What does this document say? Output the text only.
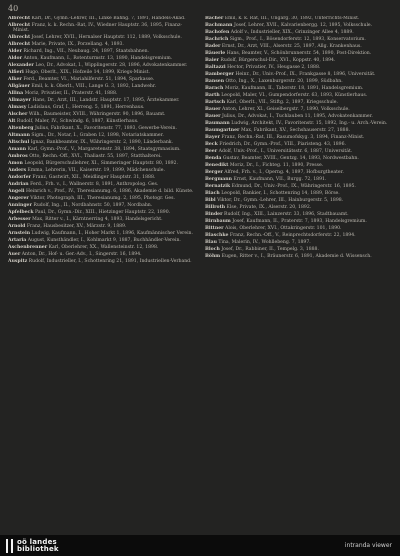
40
Albrecht Karl, Dr., Gymn.-Lehrer, III., Linke Bahng. 7, 1891, Handels-Akad.
Albrecht Franz, k. k. Rechn.-Rat, IV., Wiedner Hauptstr. 36, 1895, Finanz-Minist.
Albrecht Josef, Lehrer, XVII., Hernalser Hauptstr. 112, 1889, Volksschule.
Albrecht Marie, Private, IX., Porzellang. 4, 1893.
Alder Richard, Ing., VII., Neubaug. 24, 1897, Staatsbahnen.
Aldor Anton, Kaufmann, I., Rotenturmstr. 13, 1890, Handelsgremium.
Alexander Leo, Dr., Advokat, I., Wipplingerstr. 28, 1896, Advokatenkammer.
Alfieri Hugo, Oberlt., XIX., Hofzeile 14, 1899, Kriegs-Minist.
Alker Ferd., Beamter, VI., Mariahilferstr. 51, 1894, Sparkasse.
Allgäuer Emil, k. k. Oberlt., VIII., Lange G. 3, 1892, Landwehr.
Allina Moriz, Privatier, II., Praterstr. 41, 1888.
Allmayer Hans, Dr., Arzt, III., Landstr. Hauptstr. 17, 1895, Ärztekammer.
Almasy Ladislaus, Graf, I., Herreng. 5, 1891, Herrenhaus.
Alscher Wilh., Baumeister, XVIII., Währingerstr. 90, 1896, Bauamt.
Alt Rudolf, Maler, IV., Schwindg. 6, 1887, Künstlerhaus.
Altenberg Julius, Fabrikant, X., Favoritenstr. 77, 1893, Gewerbe-Verein.
Altmann Sigm., Dr., Notar, I., Graben 12, 1898, Notariatskammer.
Altschul Ignaz, Bankbeamter, IX., Währingerstr. 2, 1890, Länderbank.
Amann Karl, Gymn.-Prof., V., Margaretenstr. 38, 1894, Staatsgymnasium.
Ambros Otto, Rechn.-Off., XVI., Thaliastr. 55, 1897, Statthalterei.
Amon Leopold, Bürgerschullehrer, XI., Simmeringer Hauptstr. 80, 1892.
Anders Emma, Lehrerin, VII., Kaiserstr. 19, 1899, Mädchenschule.
Andorfer Franz, Gastwirt, XII., Meidlinger Hauptstr. 31, 1888.
Andrian Ferd., Frh. v., I., Wallnerstr. 8, 1891, Anthropolog. Ges.
Angeli Heinrich v., Prof., IV., Theresianumg. 6, 1886, Akademie d. bild. Künste.
Angerer Viktor, Photograph, III., Theresianumg. 2, 1895, Photogr. Ges.
Anninger Rudolf, Ing., II., Nordbahnstr. 50, 1897, Nordbahn.
Apfelbeck Paul, Dr., Gymn.-Dir., XIII., Hietzinger Hauptstr. 22, 1890.
Arbesser Max, Ritter v., I., Kärntnerring 4, 1893, Handelsgericht.
Arnold Franz, Hausbesitzer, XV., Märzstr. 9, 1889.
Arnstein Ludwig, Kaufmann, I., Hoher Markt 1, 1896, Kaufmännischer Verein.
Artaria August, Kunsthändler, I., Kohlmarkt 9, 1887, Buchhändler-Verein.
Aschenbrenner Karl, Oberlehrer, XX., Wallensteinstr. 12, 1898.
Auer Anton, Dr., Hof- u. Ger.-Adv., I., Singerstr. 16, 1894.
Auspitz Rudolf, Industrieller, I., Schottenring 21, 1891, Industriellen-Verband.
Bacher Emil, k. k. Rat, III., Ungarg. 30, 1892, Unterrichts-Minist.
Bachmann Josef, Lehrer, XVII., Kalvarienbergg. 12, 1895, Volksschule.
Bachofen Adolf v., Industrieller, XIX., Grinzinger Allee 4, 1889.
Bachrich Sigm., Prof., I., Bösendorferstr. 12, 1893, Konservatorium.
Bader Ernst, Dr., Arzt, VIII., Alserstr. 25, 1897, Allg. Krankenhaus.
Bäuerle Hans, Beamter, V., Schönbrunnerstr. 54, 1890, Post-Direktion.
Baier Rudolf, Bürgerschul-Dir., XVI., Koppstr. 40, 1894.
Baltazzi Hector, Privatier, IV., Heugasse 2, 1888.
Bamberger Heinr., Dr., Univ.-Prof., IX., Frankgasse 8, 1896, Universität.
Bansen Otto, Ing., X., Laxenburgerstr. 20, 1899, Südbahn.
Barach Moriz, Kaufmann, II., Taborstr. 18, 1891, Handelsgremium.
Barth Leopold, Maler, VI., Gumpendorferstr. 63, 1893, Künstlerhaus.
Bartsch Karl, Oberlt., VII., Stiftg. 2, 1897, Kriegsschule.
Bauer Anton, Lehrer, XI., Geiselbergstr. 7, 1890, Volksschule.
Bauer Julius, Dr., Advokat, I., Tuchlauben 11, 1895, Advokatenkammer.
Baumann Ludwig, Architekt, IV., Favoritenstr. 15, 1892, Ing.- u. Arch.-Verein.
Baumgartner Max, Fabrikant, XV., Sechshauserstr. 27, 1888.
Bayer Franz, Rechn.-Rat, III., Rasumofskyg. 3, 1894, Finanz-Minist.
Beck Friedrich, Dr., Gymn.-Prof., VIII., Piaristeng. 43, 1896.
Beer Adolf, Univ.-Prof., I., Universitätsstr. 6, 1887, Universität.
Benda Gustav, Beamter, XVIII., Gentzg. 14, 1893, Nordwestbahn.
Benedikt Moriz, Dr., I., Fichteg. 11, 1890, Presse.
Berger Alfred, Frh. v., I., Operng. 4, 1897, Hofburgtheater.
Bergmann Ernst, Kaufmann, VII., Burgg. 72, 1891.
Bernatzik Edmund, Dr., Univ.-Prof., IX., Währingerstr. 16, 1895.
Biach Leopold, Bankier, I., Schottenring 14, 1889, Börse.
Bibl Viktor, Dr., Gymn.-Lehrer, III., Hainburgerstr. 5, 1898.
Billroth Else, Private, IX., Alserstr. 20, 1892.
Binder Rudolf, Ing., XIII., Lainzerstr. 33, 1896, Stadtbauamt.
Birnbaum Josef, Kaufmann, II., Praterstr. 7, 1893, Handelsgremium.
Bittner Alois, Oberlehrer, XVI., Ottakringerstr. 101, 1890.
Blaschke Franz, Rechn.-Off., V., Reinprechtsdorferstr. 22, 1894.
Blau Tina, Malerin, IV., Wohllebeng. 7, 1897.
Bloch Josef, Dr., Rabbiner, II., Tempelg. 3, 1888.
Böhm Eugen, Ritter v., I., Bräunerstr. 6, 1891, Akademie d. Wissensch.
oö landes
bibliothek	intranda viewer
